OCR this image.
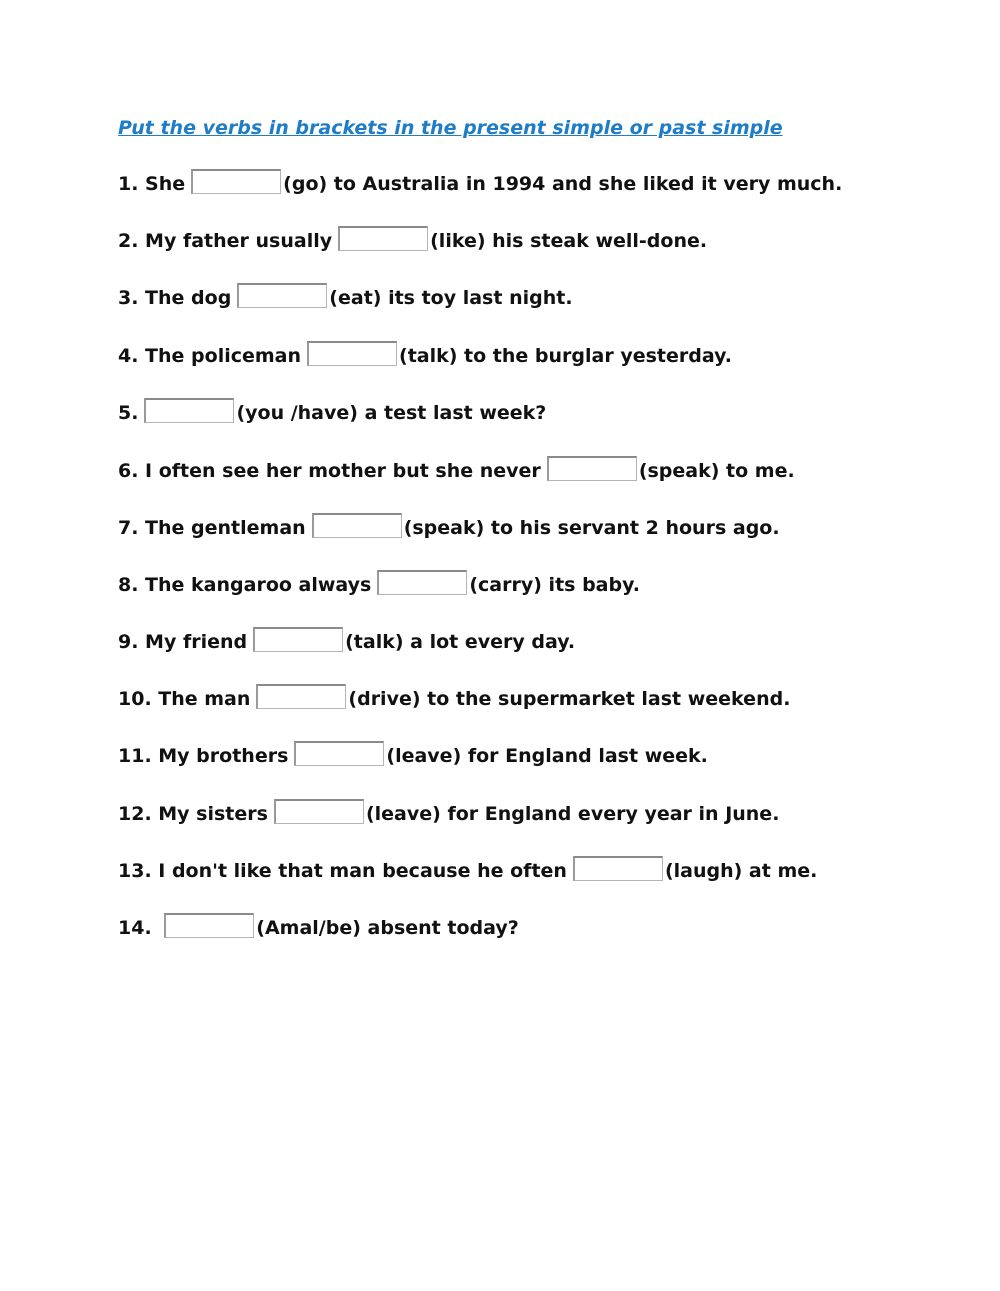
Put the verbs in brackets in the present simple or past simple
1. She	(go) to Australia in 1994 and she liked it very much.
2. My father usually	(like) his steak well-done.
3. The dog	(eat) its toy last night.
4. The policeman	(talk) to the burglar yesterday.
5.	(you /have) a test last week?
6. I often see her mother but she never	(speak) to me.
7. The gentleman	(speak) to his servant 2 hours ago.
8. The kangaroo always	(carry) its baby.
9. My friend	(talk) a lot every day.
10. The man	(drive) to the supermarket last weekend.
11. My brothers	(leave) for England last week.
12. My sisters	(leave) for England every year in June.
13. I don't like that man because he often	(laugh) at me.
14.	(Amal/be) absent today?
